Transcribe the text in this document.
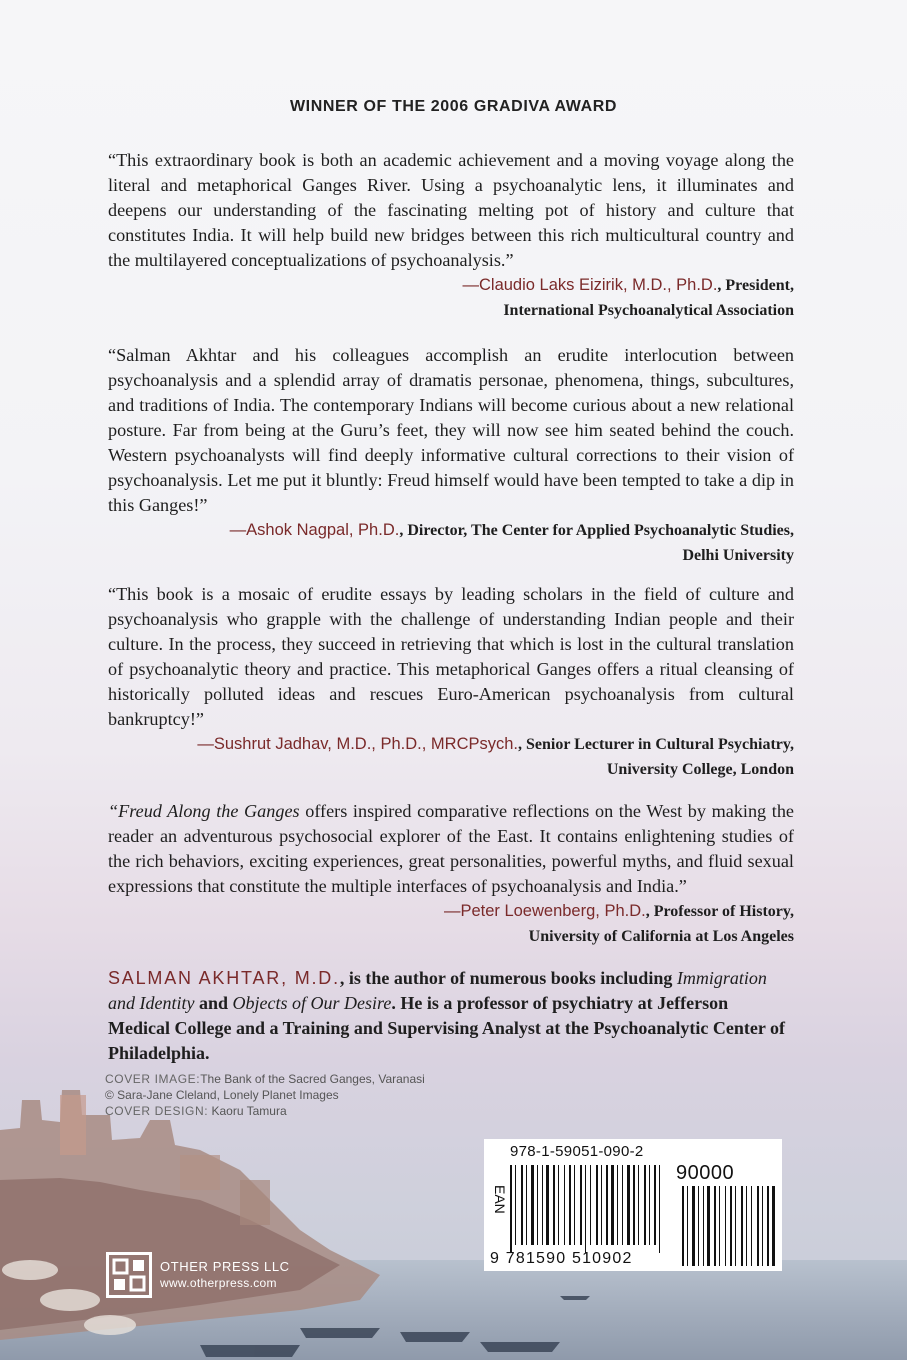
WINNER OF THE 2006 GRADIVA AWARD

“This extraordinary book is both an academic achievement and a moving voyage along the literal and metaphorical Ganges River. Using a psychoanalytic lens, it illuminates and deepens our understanding of the fascinating melting pot of history and culture that constitutes India. It will help build new bridges between this rich multicultural country and the multilayered conceptualizations of psychoanalysis.”

—Claudio Laks Eizirik, M.D., Ph.D., President,

International Psychoanalytical Association

“Salman Akhtar and his colleagues accomplish an erudite interlocution between psychoanalysis and a splendid array of dramatis personae, phenomena, things, subcultures, and traditions of India. The contemporary Indians will become curious about a new relational posture. Far from being at the Guru’s feet, they will now see him seated behind the couch. Western psychoanalysts will find deeply informative cultural corrections to their vision of psychoanalysis. Let me put it bluntly: Freud himself would have been tempted to take a dip in this Ganges!”

—Ashok Nagpal, Ph.D., Director, The Center for Applied Psychoanalytic Studies,

Delhi University

“This book is a mosaic of erudite essays by leading scholars in the field of culture and psychoanalysis who grapple with the challenge of understanding Indian people and their culture. In the process, they succeed in retrieving that which is lost in the cultural translation of psychoanalytic theory and practice. This metaphorical Ganges offers a ritual cleansing of historically polluted ideas and rescues Euro-American psychoanalysis from cultural bankruptcy!”

—Sushrut Jadhav, M.D., Ph.D., MRCPsych., Senior Lecturer in Cultural Psychiatry,

University College, London

“Freud Along the Ganges offers inspired comparative reflections on the West by making the reader an adventurous psychosocial explorer of the East. It contains enlightening studies of the rich behaviors, exciting experiences, great personalities, powerful myths, and fluid sexual expressions that constitute the multiple interfaces of psychoanalysis and India.”

—Peter Loewenberg, Ph.D., Professor of History,

University of California at Los Angeles

SALMAN AKHTAR, M.D., is the author of numerous books including Immigration and Identity and Objects of Our Desire. He is a professor of psychiatry at Jefferson Medical College and a Training and Supervising Analyst at the Psychoanalytic Center of Philadelphia.

COVER IMAGE:The Bank of the Sacred Ganges, Varanasi
© Sara-Jane Cleland, Lonely Planet Images
COVER DESIGN: Kaoru Tamura
978-1-59051-090-2
EAN
9 781590 510902
90000
OTHER PRESS LLC
www.otherpress.com
